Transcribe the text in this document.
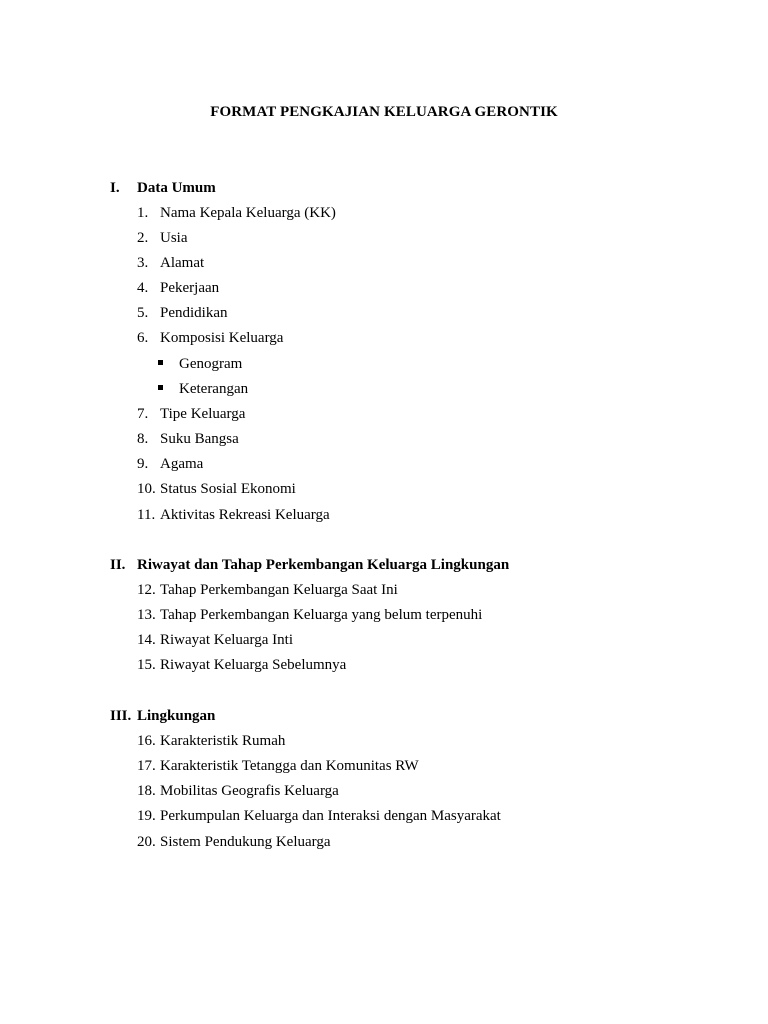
FORMAT PENGKAJIAN KELUARGA GERONTIK
I. Data Umum
1. Nama Kepala Keluarga (KK)
2. Usia
3. Alamat
4. Pekerjaan
5. Pendidikan
6. Komposisi Keluarga
Genogram
Keterangan
7. Tipe Keluarga
8. Suku Bangsa
9. Agama
10. Status Sosial Ekonomi
11. Aktivitas Rekreasi Keluarga
II. Riwayat dan Tahap Perkembangan Keluarga Lingkungan
12. Tahap Perkembangan Keluarga Saat Ini
13. Tahap Perkembangan Keluarga yang belum terpenuhi
14. Riwayat Keluarga Inti
15. Riwayat Keluarga Sebelumnya
III. Lingkungan
16. Karakteristik Rumah
17. Karakteristik Tetangga dan Komunitas RW
18. Mobilitas Geografis Keluarga
19. Perkumpulan Keluarga dan Interaksi dengan Masyarakat
20. Sistem Pendukung Keluarga
